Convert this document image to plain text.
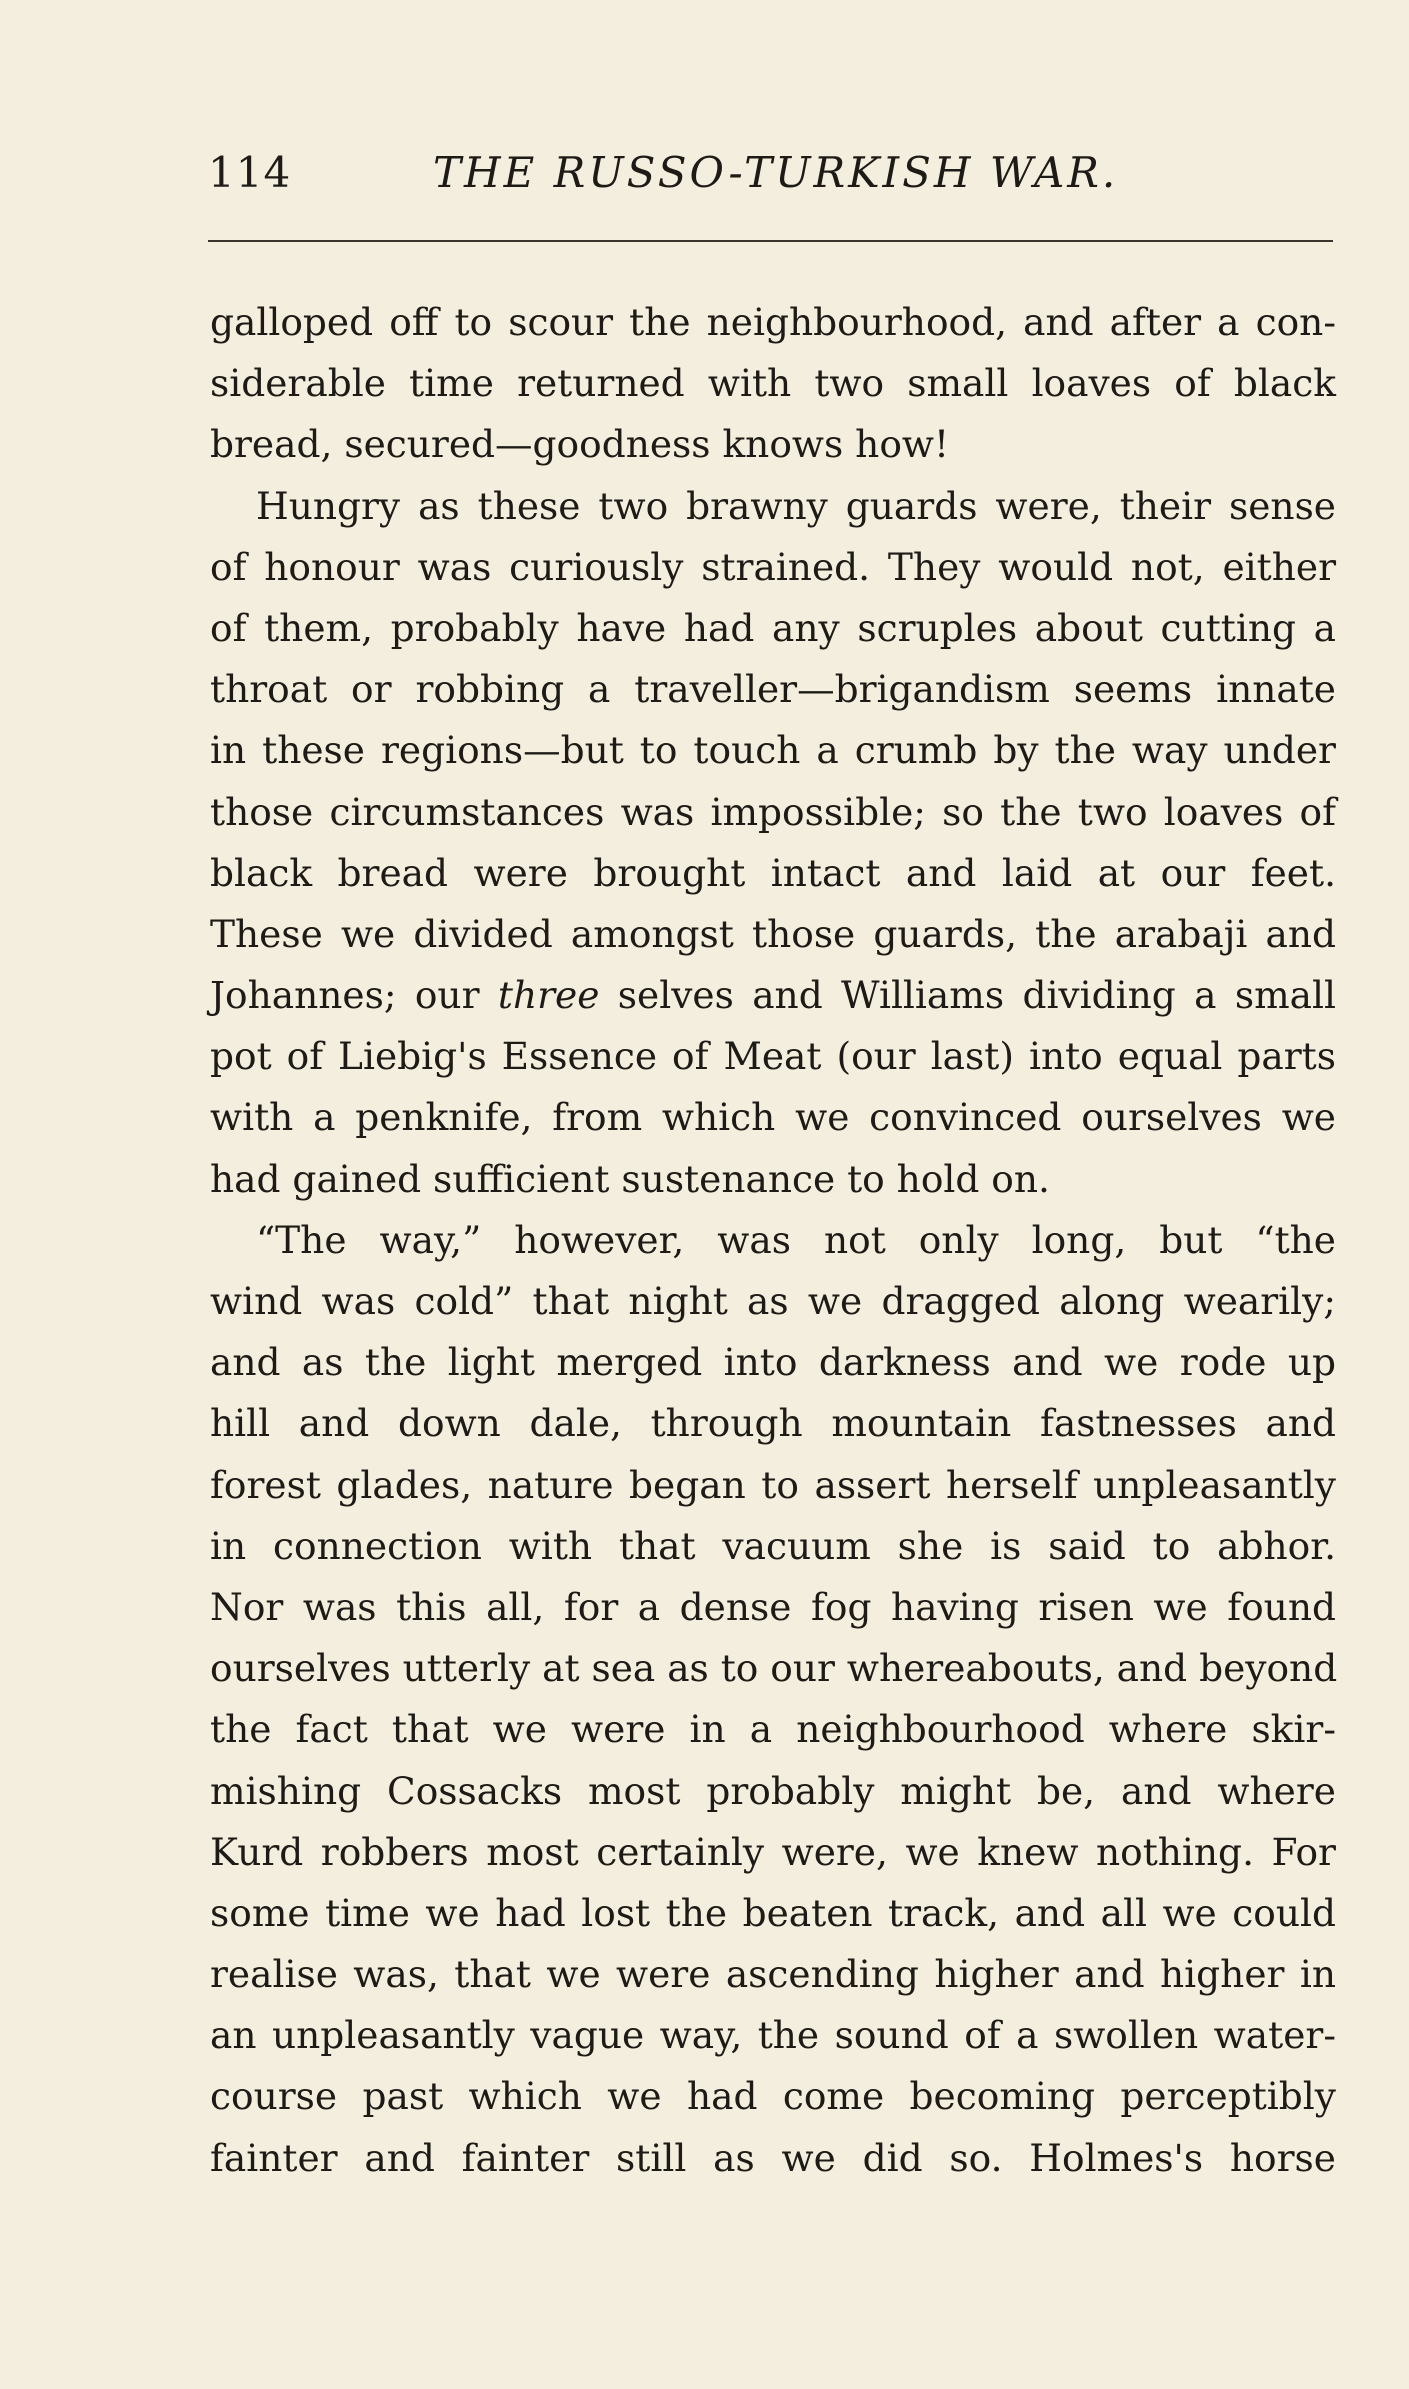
114	THE RUSSO-TURKISH WAR.
galloped off to scour the neighbourhood, and after a con-
siderable time returned with two small loaves of black
bread, secured—goodness knows how!
Hungry as these two brawny guards were, their sense
of honour was curiously strained. They would not, either
of them, probably have had any scruples about cutting a
throat or robbing a traveller—brigandism seems innate
in these regions—but to touch a crumb by the way under
those circumstances was impossible; so the two loaves of
black bread were brought intact and laid at our feet.
These we divided amongst those guards, the arabaji and
Johannes; our three selves and Williams dividing a small
pot of Liebig's Essence of Meat (our last) into equal parts
with a penknife, from which we convinced ourselves we
had gained sufficient sustenance to hold on.
“The way,” however, was not only long, but “the
wind was cold” that night as we dragged along wearily;
and as the light merged into darkness and we rode up
hill and down dale, through mountain fastnesses and
forest glades, nature began to assert herself unpleasantly
in connection with that vacuum she is said to abhor.
Nor was this all, for a dense fog having risen we found
ourselves utterly at sea as to our whereabouts, and beyond
the fact that we were in a neighbourhood where skir-
mishing Cossacks most probably might be, and where
Kurd robbers most certainly were, we knew nothing. For
some time we had lost the beaten track, and all we could
realise was, that we were ascending higher and higher in
an unpleasantly vague way, the sound of a swollen water-
course past which we had come becoming perceptibly
fainter and fainter still as we did so. Holmes's horse
